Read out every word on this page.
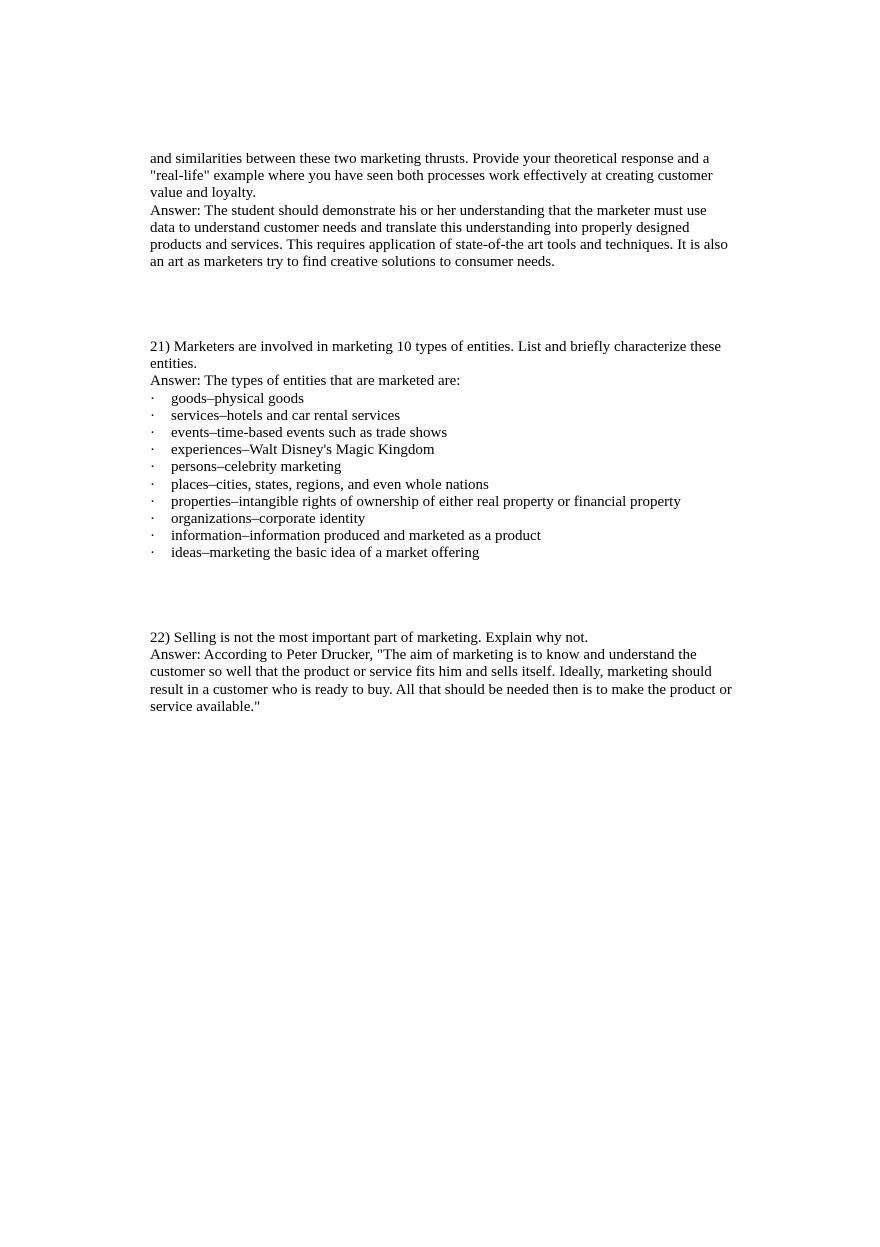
and similarities between these two marketing thrusts. Provide your theoretical response and a
"real-life" example where you have seen both processes work effectively at creating customer
value and loyalty.
Answer: The student should demonstrate his or her understanding that the marketer must use
data to understand customer needs and translate this understanding into properly designed
products and services. This requires application of state-of-the art tools and techniques. It is also
an art as marketers try to find creative solutions to consumer needs.
21) Marketers are involved in marketing 10 types of entities. List and briefly characterize these
entities.
Answer: The types of entities that are marketed are:
· goods–physical goods
· services–hotels and car rental services
· events–time-based events such as trade shows
· experiences–Walt Disney's Magic Kingdom
· persons–celebrity marketing
· places–cities, states, regions, and even whole nations
· properties–intangible rights of ownership of either real property or financial property
· organizations–corporate identity
· information–information produced and marketed as a product
· ideas–marketing the basic idea of a market offering
22) Selling is not the most important part of marketing. Explain why not.
Answer: According to Peter Drucker, "The aim of marketing is to know and understand the
customer so well that the product or service fits him and sells itself. Ideally, marketing should
result in a customer who is ready to buy. All that should be needed then is to make the product or
service available."
